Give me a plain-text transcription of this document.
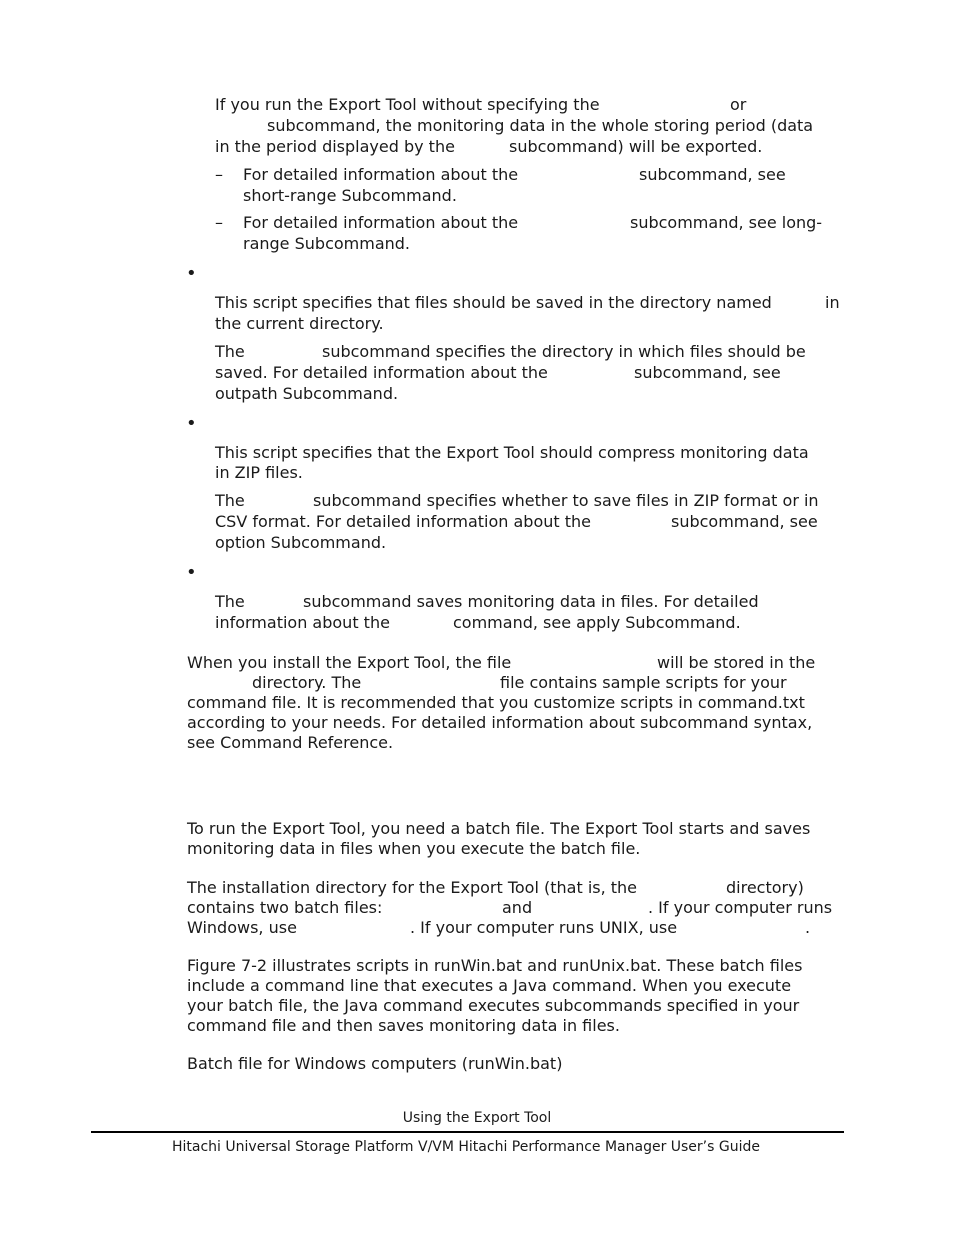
If you run the Export Tool without specifying the	or
subcommand, the monitoring data in the whole storing period (data
in the period displayed by the	subcommand) will be exported.
– For detailed information about the	subcommand, see
short-range Subcommand.
– For detailed information about the	subcommand, see long-
range Subcommand.
•
This script specifies that files should be saved in the directory named	in
the current directory.
The	subcommand specifies the directory in which files should be
saved. For detailed information about the	subcommand, see
outpath Subcommand.
•
This script specifies that the Export Tool should compress monitoring data
in ZIP files.
The	subcommand specifies whether to save files in ZIP format or in
CSV format. For detailed information about the	subcommand, see
option Subcommand.
•
The	subcommand saves monitoring data in files. For detailed
information about the	command, see apply Subcommand.
When you install the Export Tool, the file	will be stored in the
directory. The	file contains sample scripts for your
command file. It is recommended that you customize scripts in command.txt
according to your needs. For detailed information about subcommand syntax,
see Command Reference.
To run the Export Tool, you need a batch file. The Export Tool starts and saves
monitoring data in files when you execute the batch file.
The installation directory for the Export Tool (that is, the	directory)
contains two batch files:	and	. If your computer runs
Windows, use	. If your computer runs UNIX, use	.
Figure 7-2 illustrates scripts in runWin.bat and runUnix.bat. These batch files
include a command line that executes a Java command. When you execute
your batch file, the Java command executes subcommands specified in your
command file and then saves monitoring data in files.
Batch file for Windows computers (runWin.bat)
Using the Export Tool
Hitachi Universal Storage Platform V/VM Hitachi Performance Manager User’s Guide
